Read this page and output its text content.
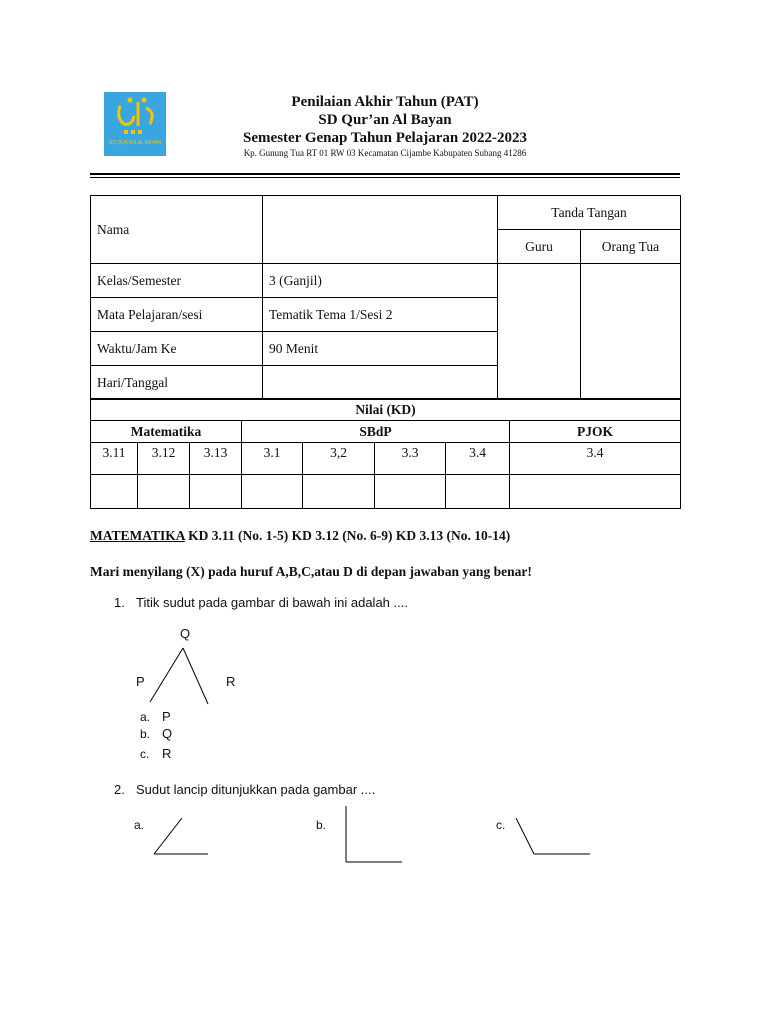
SD QUR'AN AL BAYAN
Penilaian Akhir Tahun (PAT)
SD Qur’an Al Bayan
Semester Genap Tahun Pelajaran 2022-2023
Kp. Gunung Tua RT 01 RW 03 Kecamatan Cijambe Kabupaten Subang 41286
Nama		Tanda Tangan	
		Guru	Orang Tua
Kelas/Semester	3 (Ganjil)		
Mata Pelajaran/sesi	Tematik Tema 1/Sesi 2		
Waktu/Jam Ke	90 Menit		
Hari/Tanggal			
Nilai (KD)							
Matematika			SBdP				PJOK
3.11	3.12	3.13	3.1	3,2	3.3	3.4	3.4

MATEMATIKA KD 3.11 (No. 1-5) KD 3.12 (No. 6-9) KD 3.13 (No. 10-14)
Mari menyilang (X) pada huruf A,B,C,atau D di depan jawaban yang benar!
1. Titik sudut pada gambar di bawah ini adalah ....
Q
P	R
a. P
b. Q
c. R
2. Sudut lancip ditunjukkan pada gambar ....
a.	b.	c.
